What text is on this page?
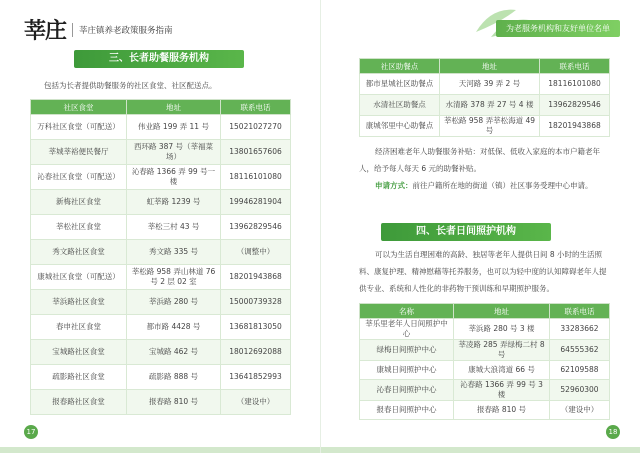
莘庄 莘庄镇养老政策服务指南
三、长者助餐服务机构
包括为长者提供助餐服务的社区食堂、社区配送点。
社区食堂	地址	联系电话
万科社区食堂（可配送）	伟业路 199 弄 11 号	15021027270
莘城莘裕便民餐厅	西环路 387 号（莘福菜场）	13801657606
沁春社区食堂（可配送）	沁春路 1366 弄 99 号一楼	18116101080
新梅社区食堂	虹莘路 1239 号	19946281904
莘松社区食堂	莘松三村 43 号	13962829546
秀文路社区食堂	秀文路 335 号	（调整中）
康城社区食堂（可配送）	莘松路 958 弄山林道 76 号 2 层 02 室	18201943868
莘浜路社区食堂	莘浜路 280 号	15000739328
春申社区食堂	都市路 4428 号	13681813050
宝城路社区食堂	宝城路 462 号	18012692088
疏影路社区食堂	疏影路 888 号	13641852993
报春路社区食堂	报春路 810 号	（建设中）
17
为老服务机构和友好单位名单
社区助餐点	地址	联系电话
都市星城社区助餐点	天河路 39 弄 2 号	18116101080
水清社区助餐点	水清路 378 弄 27 号 4 楼	13962829546
康城邻里中心助餐点	莘松路 958 弄莘松海道 49 号	18201943868
经济困难老年人助餐服务补贴：对低保、低收入家庭的本市户籍老年人，给予每人每天 6 元的助餐补贴。
申请方式：前往户籍所在地的街道（镇）社区事务受理中心申请。
四、长者日间照护机构
可以为生活自理困难的高龄、独居等老年人提供日间 8 小时的生活照料、康复护理、精神慰藉等托养服务，也可以为轻中度的认知障碍老年人提供专业、系统和人性化的非药物干预训练和早期照护服务。
名称	地址	联系电话
莘乐里老年人日间照护中心	莘浜路 280 号 3 楼	33283662
绿梅日间照护中心	莘凌路 285 弄绿梅二村 8 号	64555362
康城日间照护中心	康城大浪湾道 66 号	62109588
沁春日间照护中心	沁春路 1366 弄 99 号 3 楼	52960300
报春日间照护中心	报春路 810 号	（建设中）
18
